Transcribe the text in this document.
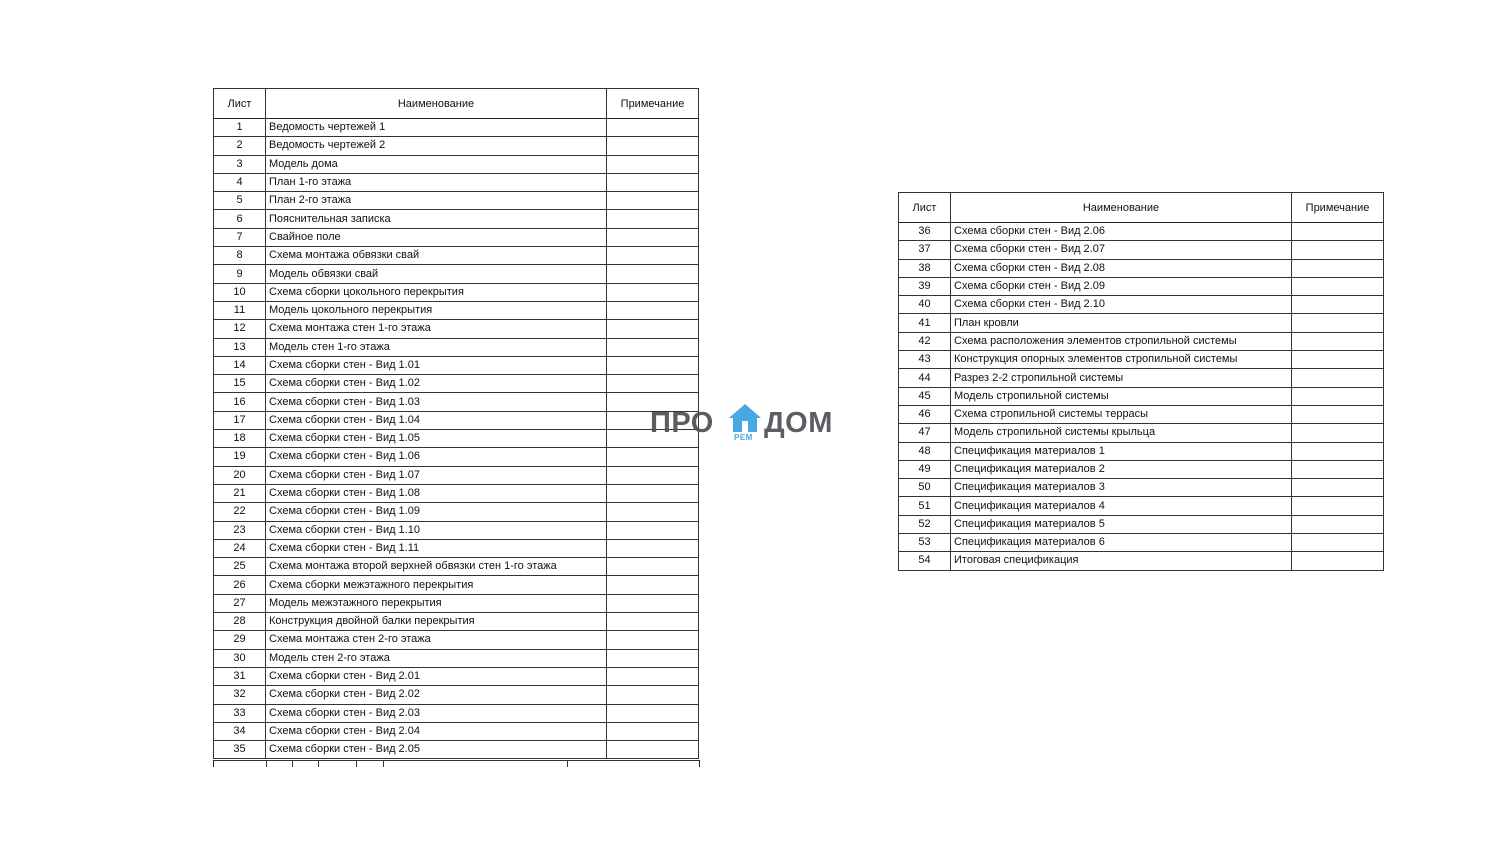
Лист	Наименование	Примечание
1	Ведомость чертежей 1	
2	Ведомость чертежей 2	
3	Модель дома	
4	План 1-го этажа	
5	План 2-го этажа	
6	Пояснительная записка	
7	Свайное поле	
8	Схема монтажа обвязки свай	
9	Модель обвязки свай	
10	Схема сборки цокольного перекрытия	
11	Модель цокольного перекрытия	
12	Схема монтажа стен 1-го этажа	
13	Модель стен 1-го этажа	
14	Схема сборки стен - Вид 1.01	
15	Схема сборки стен - Вид 1.02	
16	Схема сборки стен - Вид 1.03	
17	Схема сборки стен - Вид 1.04	
18	Схема сборки стен - Вид 1.05	
19	Схема сборки стен - Вид 1.06	
20	Схема сборки стен - Вид 1.07	
21	Схема сборки стен - Вид 1.08	
22	Схема сборки стен - Вид 1.09	
23	Схема сборки стен - Вид 1.10	
24	Схема сборки стен - Вид 1.11	
25	Схема монтажа второй верхней обвязки стен 1-го этажа	
26	Схема сборки межэтажного перекрытия	
27	Модель межэтажного перекрытия	
28	Конструкция двойной балки перекрытия	
29	Схема монтажа стен 2-го этажа	
30	Модель стен 2-го этажа	
31	Схема сборки стен - Вид 2.01	
32	Схема сборки стен - Вид 2.02	
33	Схема сборки стен - Вид 2.03	
34	Схема сборки стен - Вид 2.04	
35	Схема сборки стен - Вид 2.05	
Лист	Наименование	Примечание
36	Схема сборки стен - Вид 2.06	
37	Схема сборки стен - Вид 2.07	
38	Схема сборки стен - Вид 2.08	
39	Схема сборки стен - Вид 2.09	
40	Схема сборки стен - Вид 2.10	
41	План кровли	
42	Схема расположения элементов стропильной системы	
43	Конструкция опорных элементов стропильной системы	
44	Разрез 2-2 стропильной системы	
45	Модель стропильной системы	
46	Схема стропильной системы террасы	
47	Модель стропильной системы крыльца	
48	Спецификация материалов 1	
49	Спецификация материалов 2	
50	Спецификация материалов 3	
51	Спецификация материалов 4	
52	Спецификация материалов 5	
53	Спецификация материалов 6	
54	Итоговая спецификация	
ПРО	РЕМ ДОМ
